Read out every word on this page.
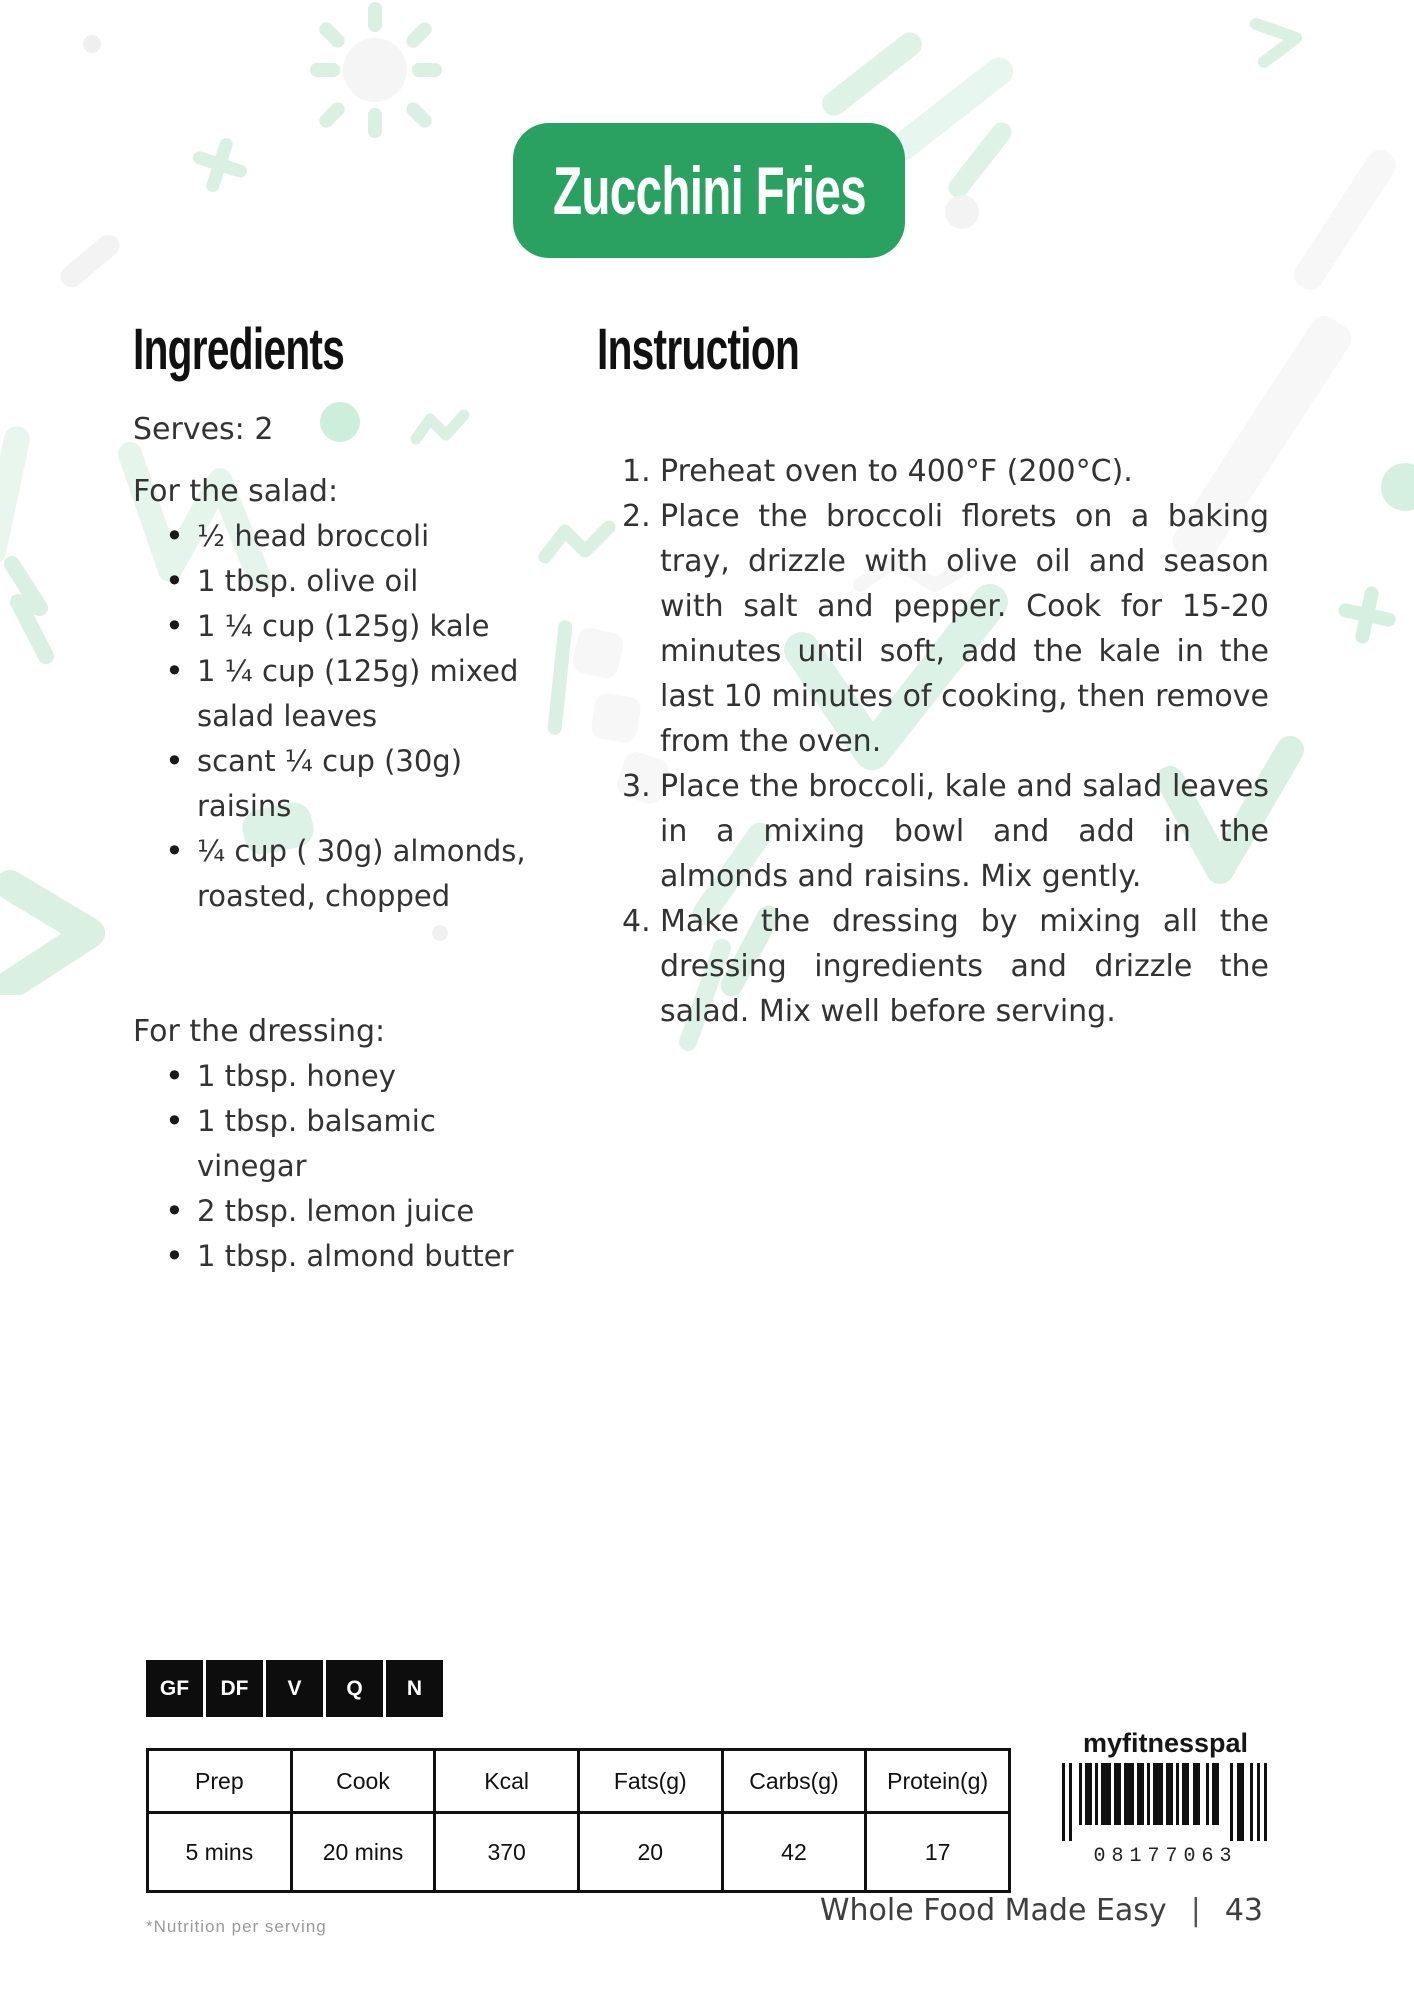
Zucchini Fries
Ingredients

Serves: 2

For the salad:

• ½ head broccoli
• 1 tbsp. olive oil
• 1 ¼ cup (125g) kale
• 1 ¼ cup (125g) mixed salad leaves
• scant ¼ cup (30g) raisins
• ¼ cup ( 30g) almonds, roasted, chopped

For the dressing:

• 1 tbsp. honey
• 1 tbsp. balsamic vinegar
• 2 tbsp. lemon juice
• 1 tbsp. almond butter
Instruction
Preheat oven to 400°F (200°C).
Place the broccoli florets on a baking tray, drizzle with olive oil and season with salt and pepper. Cook for 15-20 minutes until soft, add the kale in the last 10 minutes of cooking, then remove from the oven.
Place the broccoli, kale and salad leaves in a mixing bowl and add in the almonds and raisins. Mix gently.
Make the dressing by mixing all the dressing ingredients and drizzle the salad. Mix well before serving.
GF	DF	V	Q	N
Prep	Cook	Kcal	Fats(g)	Carbs(g)	Protein(g)
5 mins	20 mins	370	20	42	17

*Nutrition per serving

myfitnesspal
08177063
Whole Food Made Easy | 43
